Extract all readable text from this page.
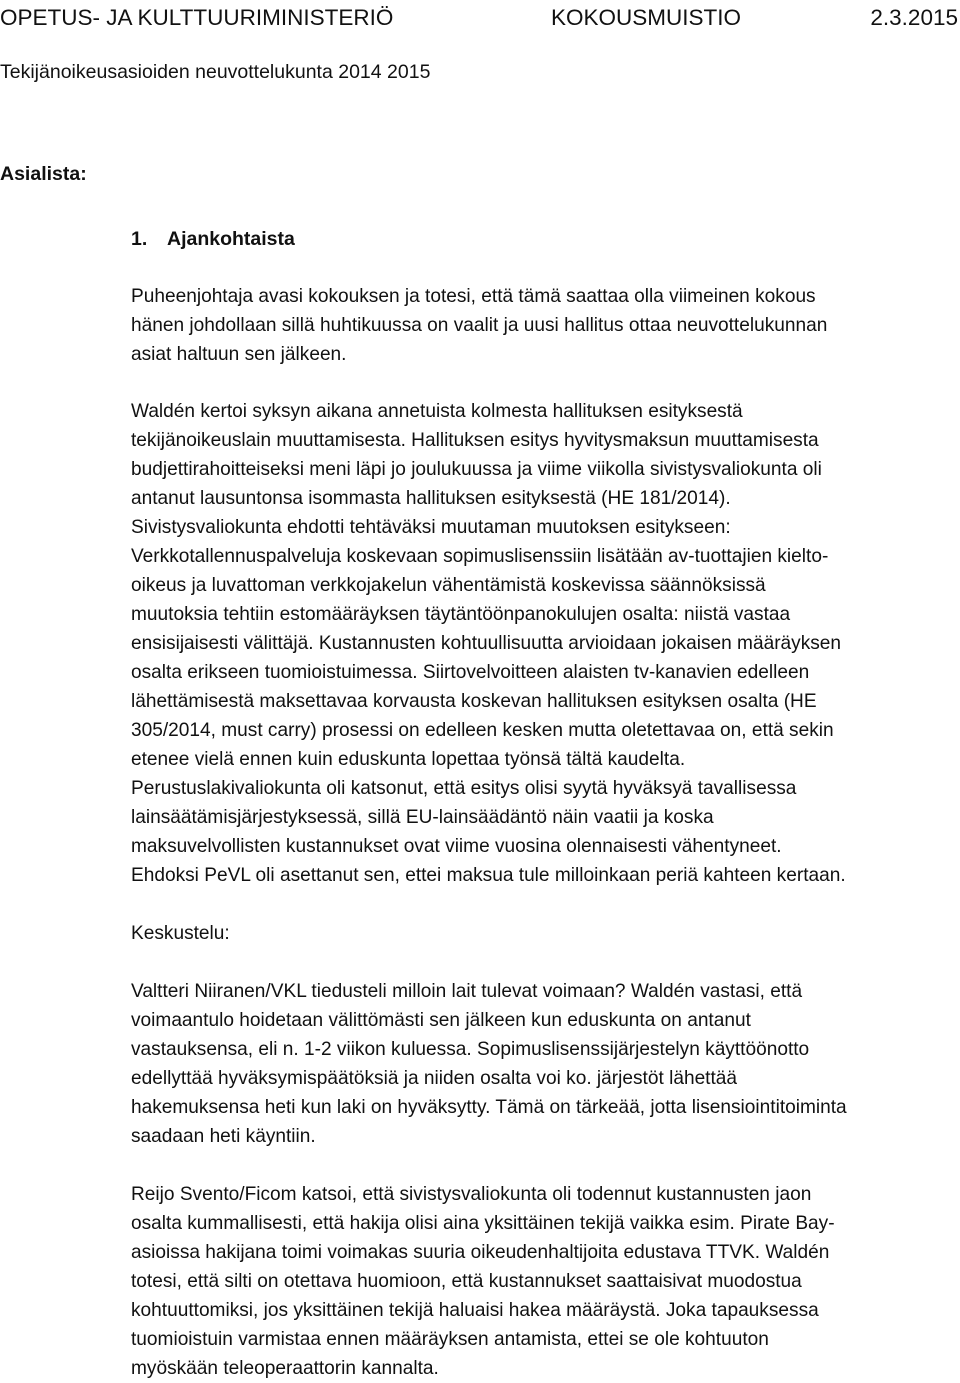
OPETUS- JA KULTTUURIMINISTERIÖ	KOKOUSMUISTIO	2.3.2015
Tekijänoikeusasioiden neuvottelukunta 2014 2015
Asialista:
1. Ajankohtaista
Puheenjohtaja avasi kokouksen ja totesi, että tämä saattaa olla viimeinen kokous
hänen johdollaan sillä huhtikuussa on vaalit ja uusi hallitus ottaa neuvottelukunnan
asiat haltuun sen jälkeen.
Waldén kertoi syksyn aikana annetuista kolmesta hallituksen esityksestä
tekijänoikeuslain muuttamisesta. Hallituksen esitys hyvitysmaksun muuttamisesta
budjettirahoitteiseksi meni läpi jo joulukuussa ja viime viikolla sivistysvaliokunta oli
antanut lausuntonsa isommasta hallituksen esityksestä (HE 181/2014).
Sivistysvaliokunta ehdotti tehtäväksi muutaman muutoksen esitykseen:
Verkkotallennuspalveluja koskevaan sopimuslisenssiin lisätään av-tuottajien kielto-
oikeus ja luvattoman verkkojakelun vähentämistä koskevissa säännöksissä
muutoksia tehtiin estomääräyksen täytäntöönpanokulujen osalta: niistä vastaa
ensisijaisesti välittäjä. Kustannusten kohtuullisuutta arvioidaan jokaisen määräyksen
osalta erikseen tuomioistuimessa. Siirtovelvoitteen alaisten tv-kanavien edelleen
lähettämisestä maksettavaa korvausta koskevan hallituksen esityksen osalta (HE
305/2014, must carry) prosessi on edelleen kesken mutta oletettavaa on, että sekin
etenee vielä ennen kuin eduskunta lopettaa työnsä tältä kaudelta.
Perustuslakivaliokunta oli katsonut, että esitys olisi syytä hyväksyä tavallisessa
lainsäätämisjärjestyksessä, sillä EU-lainsäädäntö näin vaatii ja koska
maksuvelvollisten kustannukset ovat viime vuosina olennaisesti vähentyneet.
Ehdoksi PeVL oli asettanut sen, ettei maksua tule milloinkaan periä kahteen kertaan.
Keskustelu:
Valtteri Niiranen/VKL tiedusteli milloin lait tulevat voimaan? Waldén vastasi, että
voimaantulo hoidetaan välittömästi sen jälkeen kun eduskunta on antanut
vastauksensa, eli n. 1-2 viikon kuluessa. Sopimuslisenssijärjestelyn käyttöönotto
edellyttää hyväksymispäätöksiä ja niiden osalta voi ko. järjestöt lähettää
hakemuksensa heti kun laki on hyväksytty. Tämä on tärkeää, jotta lisensiointitoiminta
saadaan heti käyntiin.
Reijo Svento/Ficom katsoi, että sivistysvaliokunta oli todennut kustannusten jaon
osalta kummallisesti, että hakija olisi aina yksittäinen tekijä vaikka esim. Pirate Bay-
asioissa hakijana toimi voimakas suuria oikeudenhaltijoita edustava TTVK. Waldén
totesi, että silti on otettava huomioon, että kustannukset saattaisivat muodostua
kohtuuttomiksi, jos yksittäinen tekijä haluaisi hakea määräystä. Joka tapauksessa
tuomioistuin varmistaa ennen määräyksen antamista, ettei se ole kohtuuton
myöskään teleoperaattorin kannalta.
